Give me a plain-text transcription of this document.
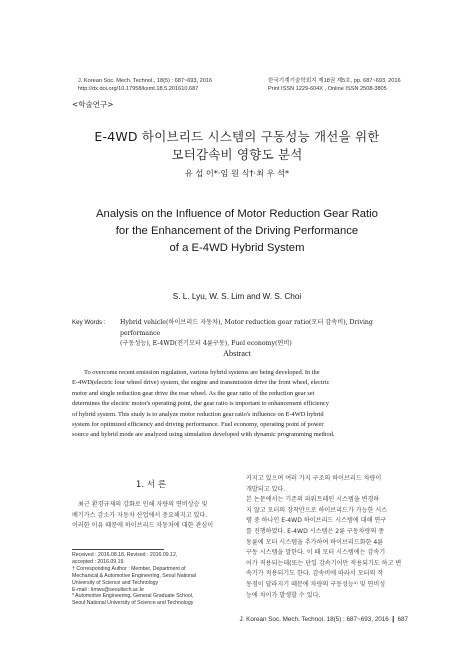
J. Korean Soc. Mech. Technol., 18(5) : 687~693, 2016
http://dx.doi.org/10.17958/ksmt.18.5.201610.687
한국기계기술학회지 제18권 제5호, pp. 687~693, 2016
Print ISSN 1229-604X , Online ISSN 2508-3805
<학술연구>
E-4WD 하이브리드 시스템의 구동성능 개선을 위한
모터감속비 영향도 분석
유 섭 이*·임 원 식†·최 우 석*
Analysis on the Influence of Motor Reduction Gear Ratio
for the Enhancement of the Driving Performance
of a E-4WD Hybrid System
S. L. Lyu, W. S. Lim and W. S. Choi
Key Words : Hybrid vehicle(하이브리드 자동차), Motor reduction gear ratio(모터 감속비), Driving performance
(구동성능), E-4WD(전기모터 4륜구동), Fuel economy(연비)
Abstract
To overcome recent emission regulation, various hybrid systems are being developed. In the
E-4WD(electric four wheel drive) system, the engine and transmission drive the front wheel, electric
motor and single reduction gear drive the rear wheel. As the gear ratio of the reduction gear set
determines the electric motor's operating point, the gear ratio is important to enhancement efficiency
of hybrid system. This study is to analyze motor reduction gear ratio's influence on E-4WD hybrid
system for optimized efficiency and driving performance. Fuel economy, operating point of power
source and hybrid mode are analyzed using simulation developed with dynamic programming method.
1. 서 론
최근 환경규제의 강화로 인해 자량의 연비상승 및
배기가스 감소가 자동차 산업에서 중요해지고 있다.
이러한 이유 때문에 하이브리드 자동차에 대한 관심이
Received : 2016.08.18, Revised : 2016.09.12,
accepted : 2016.09.19.
† Corresponding Author : Member, Department of
Mechanical & Automotive Engineering, Seoul National
University of Science and Technology
E-mail : limws@seoultech.ac.kr
* Automotive Engineering, General Graduate School,
Seoul National University of Science and Technology
커지고 있으며 여러 가지 구조의 하이브리드 차량이
개발되고 있다.
본 논문에서는 기존의 파워트레인 시스템을 변경하
지 않고 모터의 장착만으로 하이브리드가 가능한 시스
템 중 하나인 E-4WD 하이브리드 시스템에 대해 연구
를 진행하였다. E-4WD 시스템은 2륜 구동차량의 종
동륜에 모터 시스템을 추가하여 하이브리드화한 4륜
구동 시스템을 말한다. 이 때 모터 시스템에는 감속기
어가 적용되는데(또는 단일 감속기어만 적용되기도 하고 변
속기가 적용되기도 한다. 감속비에 따라서 모터의 작
동점이 달라지기 때문에 차량의 구동성능¹⁾ 및 연비성
능에 차이가 발생할 수 있다.
J. Korean Soc. Mech. Technol. 18(5) : 687~693, 2016 ❙ 687
